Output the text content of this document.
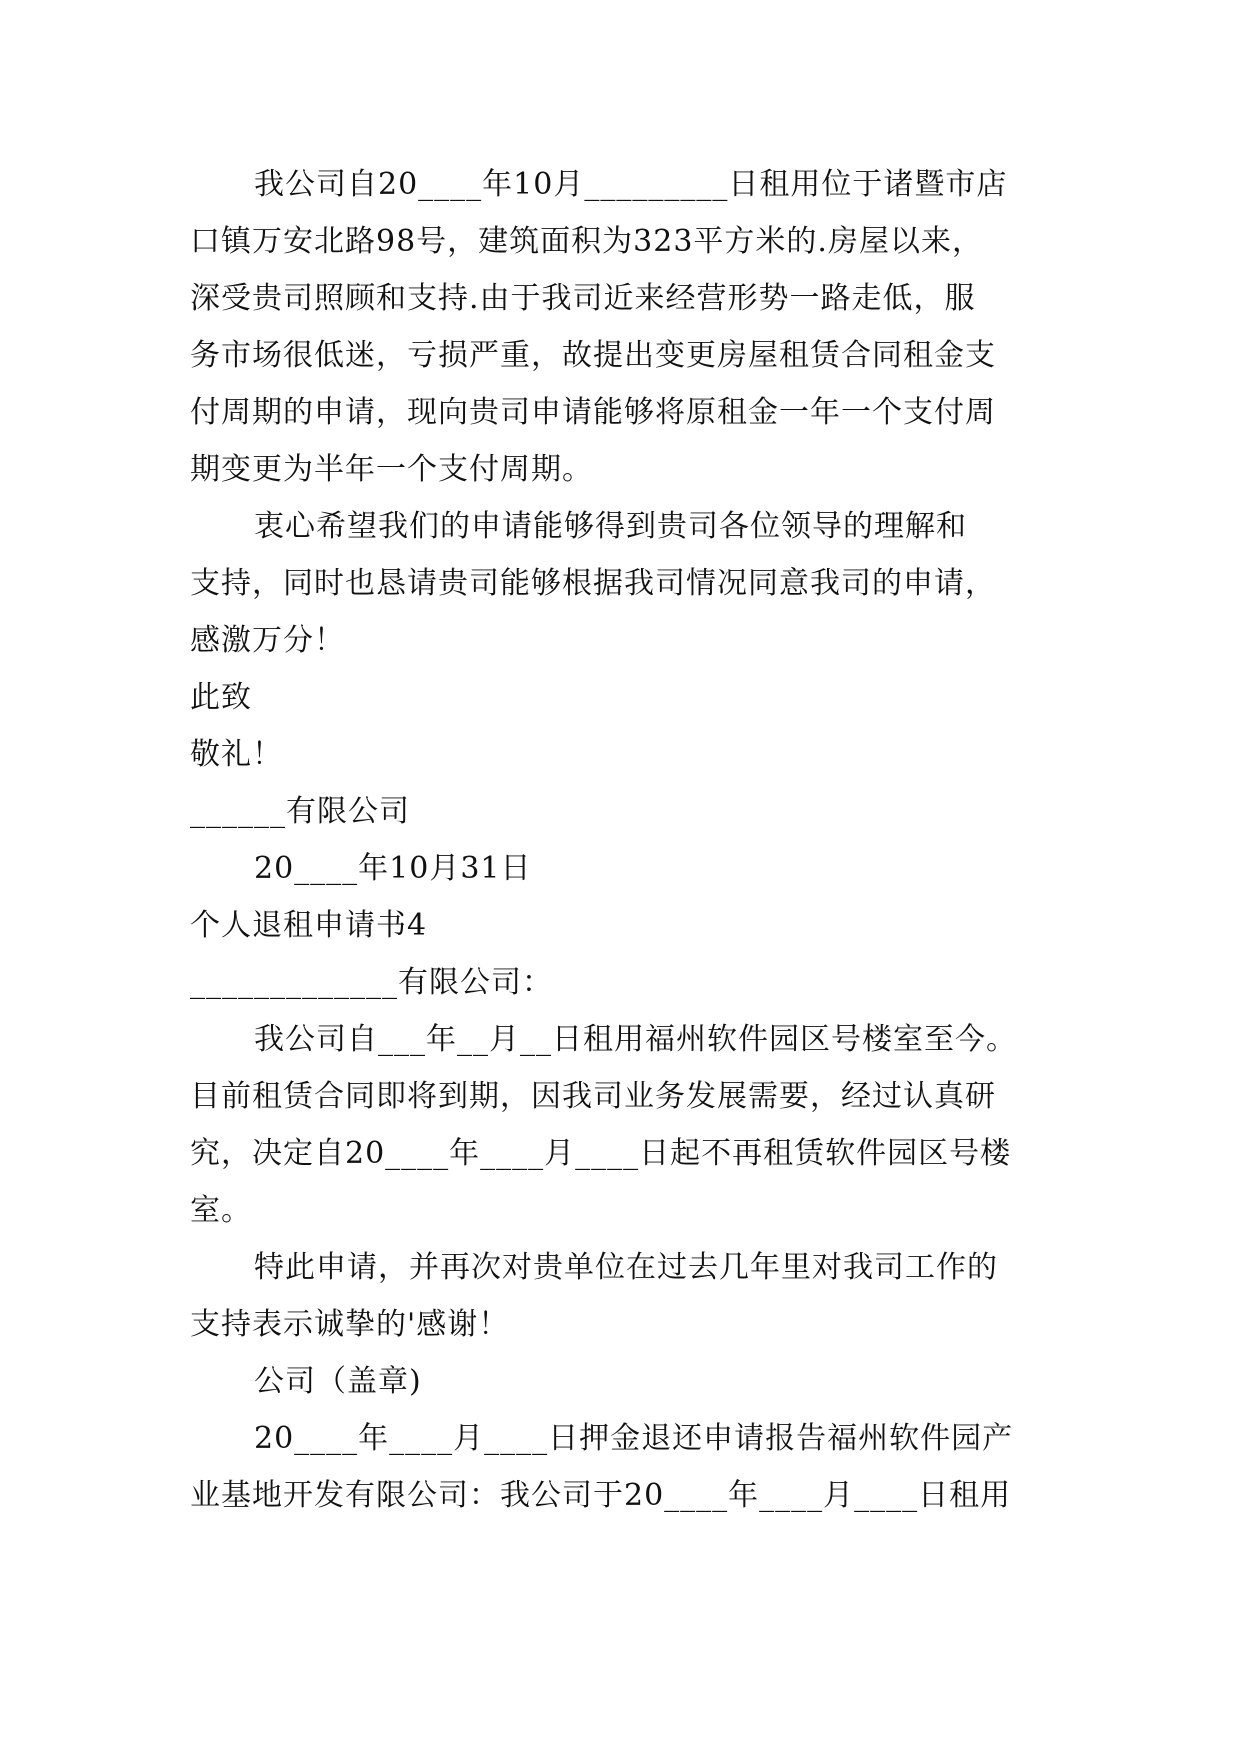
我公司自20____年10月_________日租用位于诸暨市店
口镇万安北路98号，建筑面积为323平方米的.房屋以来，
深受贵司照顾和支持.由于我司近来经营形势一路走低，服
务市场很低迷，亏损严重，故提出变更房屋租赁合同租金支
付周期的申请，现向贵司申请能够将原租金一年一个支付周
期变更为半年一个支付周期。
衷心希望我们的申请能够得到贵司各位领导的理解和
支持，同时也恳请贵司能够根据我司情况同意我司的申请，
感激万分！
此致
敬礼！
______有限公司
20____年10月31日
个人退租申请书4
_____________有限公司：
我公司自___年__月__日租用福州软件园区号楼室至今。
目前租赁合同即将到期，因我司业务发展需要，经过认真研
究，决定自20____年____月____日起不再租赁软件园区号楼
室。
特此申请，并再次对贵单位在过去几年里对我司工作的
支持表示诚挚的'感谢！
公司（盖章)
20____年____月____日押金退还申请报告福州软件园产
业基地开发有限公司：我公司于20____年____月____日租用
